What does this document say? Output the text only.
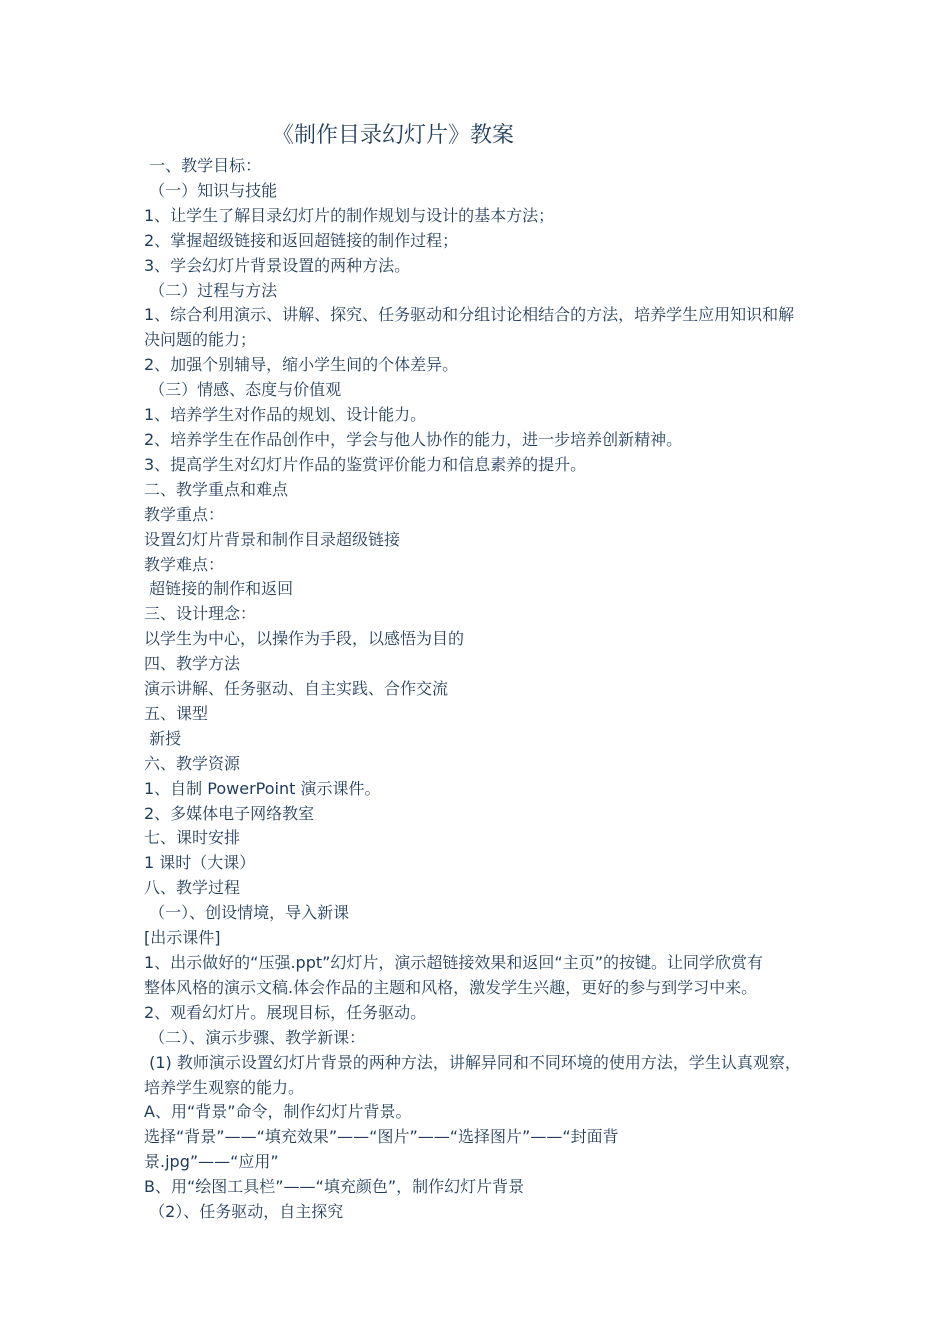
《制作目录幻灯片》教案

一、教学目标：

（一）知识与技能

1、让学生了解目录幻灯片的制作规划与设计的基本方法；

2、掌握超级链接和返回超链接的制作过程；

3、学会幻灯片背景设置的两种方法。

（二）过程与方法

1、综合利用演示、讲解、探究、任务驱动和分组讨论相结合的方法，培养学生应用知识和解

决问题的能力；

2、加强个别辅导，缩小学生间的个体差异。

（三）情感、态度与价值观

1、培养学生对作品的规划、设计能力。

2、培养学生在作品创作中，学会与他人协作的能力，进一步培养创新精神。

3、提高学生对幻灯片作品的鉴赏评价能力和信息素养的提升。

二、教学重点和难点

教学重点：

设置幻灯片背景和制作目录超级链接

教学难点：

超链接的制作和返回

三、设计理念：

以学生为中心，以操作为手段，以感悟为目的

四、教学方法

演示讲解、任务驱动、自主实践、合作交流

五、课型

新授

六、教学资源

1、自制 PowerPoint 演示课件。

2、多媒体电子网络教室

七、课时安排

1 课时（大课）

八、教学过程

（一）、创设情境，导入新课

[出示课件]

1、出示做好的“压强.ppt”幻灯片，演示超链接效果和返回“主页”的按键。让同学欣赏有

整体风格的演示文稿.体会作品的主题和风格，激发学生兴趣，更好的参与到学习中来。

2、观看幻灯片。展现目标，任务驱动。

（二）、演示步骤、教学新课：

(1) 教师演示设置幻灯片背景的两种方法，讲解异同和不同环境的使用方法，学生认真观察，

培养学生观察的能力。

A、用“背景”命令，制作幻灯片背景。

选择“背景”——“填充效果”——“图片”——“选择图片”——“封面背

景.jpg”——“应用”

B、用“绘图工具栏”——“填充颜色”，制作幻灯片背景

（2）、任务驱动，自主探究
